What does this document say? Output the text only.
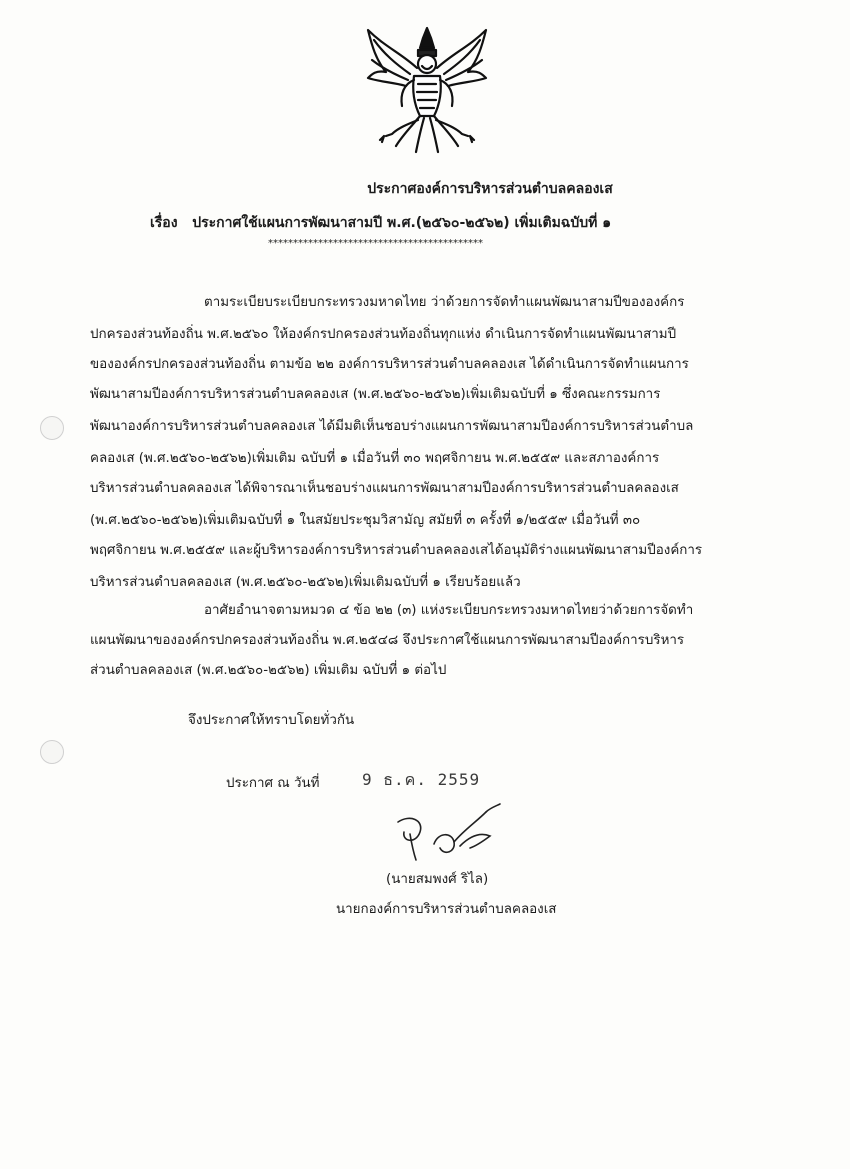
ประกาศองค์การบริหารส่วนตำบลคลองเส
เรื่อง ประกาศใช้แผนการพัฒนาสามปี พ.ศ.(๒๕๖๐-๒๕๖๒) เพิ่มเติมฉบับที่ ๑
*******************************************
ตามระเบียบระเบียบกระทรวงมหาดไทย ว่าด้วยการจัดทำแผนพัฒนาสามปีขององค์กร
ปกครองส่วนท้องถิ่น พ.ศ.๒๕๖๐ ให้องค์กรปกครองส่วนท้องถิ่นทุกแห่ง ดำเนินการจัดทำแผนพัฒนาสามปี
ขององค์กรปกครองส่วนท้องถิ่น ตามข้อ ๒๒ องค์การบริหารส่วนตำบลคลองเส ได้ดำเนินการจัดทำแผนการ
พัฒนาสามปีองค์การบริหารส่วนตำบลคลองเส (พ.ศ.๒๕๖๐-๒๕๖๒)เพิ่มเติมฉบับที่ ๑ ซึ่งคณะกรรมการ
พัฒนาองค์การบริหารส่วนตำบลคลองเส ได้มีมติเห็นชอบร่างแผนการพัฒนาสามปีองค์การบริหารส่วนตำบล
คลองเส (พ.ศ.๒๕๖๐-๒๕๖๒)เพิ่มเติม ฉบับที่ ๑ เมื่อวันที่ ๓๐ พฤศจิกายน พ.ศ.๒๕๕๙ และสภาองค์การ
บริหารส่วนตำบลคลองเส ได้พิจารณาเห็นชอบร่างแผนการพัฒนาสามปีองค์การบริหารส่วนตำบลคลองเส
(พ.ศ.๒๕๖๐-๒๕๖๒)เพิ่มเติมฉบับที่ ๑ ในสมัยประชุมวิสามัญ สมัยที่ ๓ ครั้งที่ ๑/๒๕๕๙ เมื่อวันที่ ๓๐
พฤศจิกายน พ.ศ.๒๕๕๙ และผู้บริหารองค์การบริหารส่วนตำบลคลองเสได้อนุมัติร่างแผนพัฒนาสามปีองค์การ
บริหารส่วนตำบลคลองเส (พ.ศ.๒๕๖๐-๒๕๖๒)เพิ่มเติมฉบับที่ ๑ เรียบร้อยแล้ว
อาศัยอำนาจตามหมวด ๔ ข้อ ๒๒ (๓) แห่งระเบียบกระทรวงมหาดไทยว่าด้วยการจัดทำ
แผนพัฒนาขององค์กรปกครองส่วนท้องถิ่น พ.ศ.๒๕๔๘ จึงประกาศใช้แผนการพัฒนาสามปีองค์การบริหาร
ส่วนตำบลคลองเส (พ.ศ.๒๕๖๐-๒๕๖๒) เพิ่มเติม ฉบับที่ ๑ ต่อไป
จึงประกาศให้ทราบโดยทั่วกัน
ประกาศ ณ วันที่	9 ธ.ค. 2559
(นายสมพงศ์ ริไล)
นายกองค์การบริหารส่วนตำบลคลองเส
